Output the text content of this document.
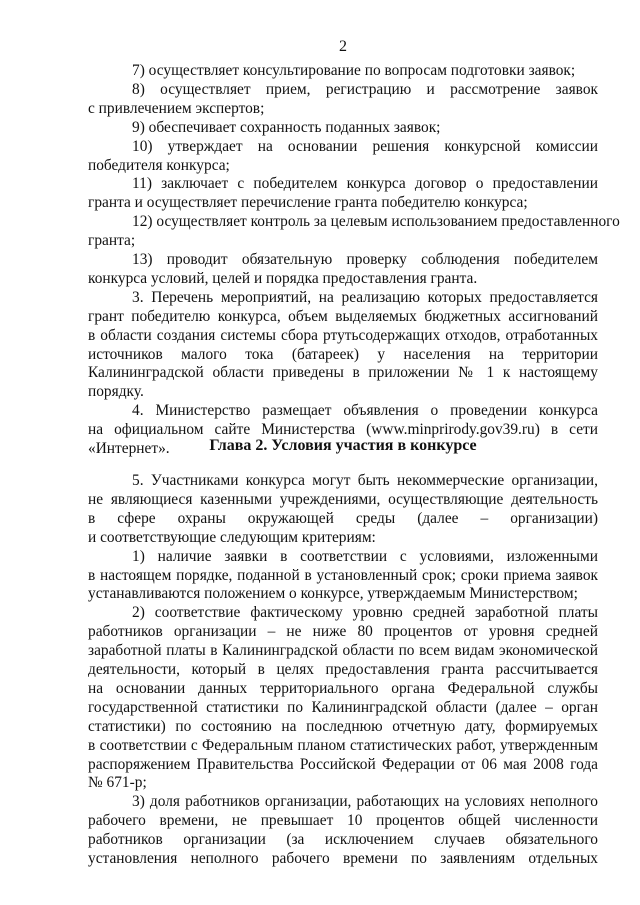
2
7) осуществляет консультирование по вопросам подготовки заявок;
8) осуществляет прием, регистрацию и рассмотрение заявок
с привлечением экспертов;
9) обеспечивает сохранность поданных заявок;
10) утверждает на основании решения конкурсной комиссии
победителя конкурса;
11) заключает с победителем конкурса договор о предоставлении
гранта и осуществляет перечисление гранта победителю конкурса;
12) осуществляет контроль за целевым использованием предоставленного
гранта;
13) проводит обязательную проверку соблюдения победителем
конкурса условий, целей и порядка предоставления гранта.
3. Перечень мероприятий, на реализацию которых предоставляется
грант победителю конкурса, объем выделяемых бюджетных ассигнований
в области создания системы сбора ртутьсодержащих отходов, отработанных
источников малого тока (батареек) у населения на территории
Калининградской области приведены в приложении № 1 к настоящему
порядку.
4. Министерство размещает объявления о проведении конкурса
на официальном сайте Министерства (www.minprirody.gov39.ru) в сети
«Интернет».	Глава 2. Условия участия в конкурсе
5. Участниками конкурса могут быть некоммерческие организации,
не являющиеся казенными учреждениями, осуществляющие деятельность
в сфере охраны окружающей среды (далее – организации)
и соответствующие следующим критериям:
1) наличие заявки в соответствии с условиями, изложенными
в настоящем порядке, поданной в установленный срок; сроки приема заявок
устанавливаются положением о конкурсе, утверждаемым Министерством;
2) соответствие фактическому уровню средней заработной платы
работников организации – не ниже 80 процентов от уровня средней
заработной платы в Калининградской области по всем видам экономической
деятельности, который в целях предоставления гранта рассчитывается
на основании данных территориального органа Федеральной службы
государственной статистики по Калининградской области (далее – орган
статистики) по состоянию на последнюю отчетную дату, формируемых
в соответствии с Федеральным планом статистических работ, утвержденным
распоряжением Правительства Российской Федерации от 06 мая 2008 года
№ 671-р;
3) доля работников организации, работающих на условиях неполного
рабочего времени, не превышает 10 процентов общей численности
работников организации (за исключением случаев обязательного
установления неполного рабочего времени по заявлениям отдельных
